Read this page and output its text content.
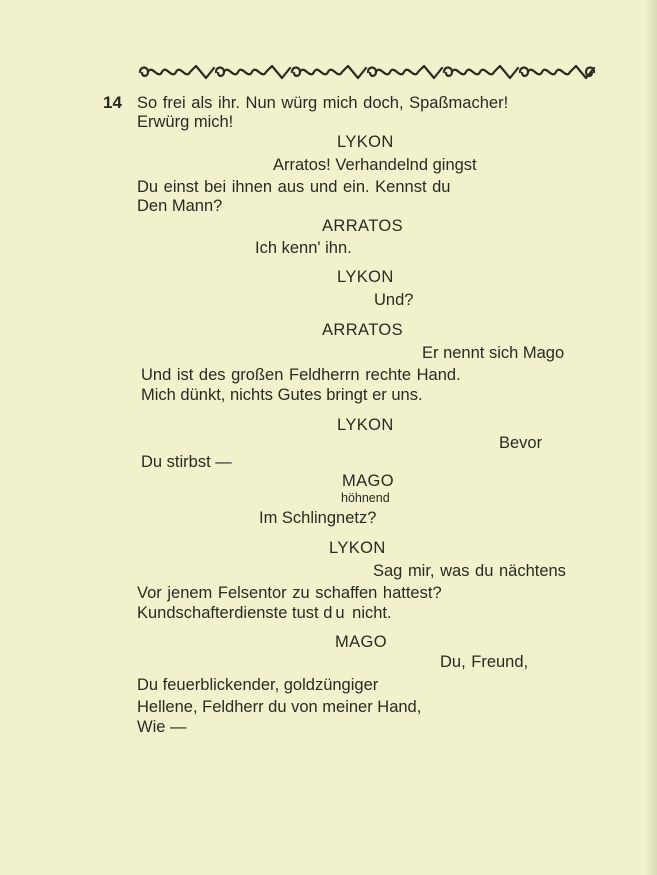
14 So frei als ihr. Nun würg mich doch, Spaßmacher!
Erwürg mich!
LYKON
Arratos! Verhandelnd gingst
Du einst bei ihnen aus und ein. Kennst du
Den Mann?
ARRATOS
Ich kenn' ihn.
LYKON
Und?
ARRATOS
Er nennt sich Mago
Und ist des großen Feldherrn rechte Hand.
Mich dünkt, nichts Gutes bringt er uns.
LYKON
Bevor
Du stirbst —
MAGO
höhnend
Im Schlingnetz?
LYKON
Sag mir, was du nächtens
Vor jenem Felsentor zu schaffen hattest?
Kundschafterdienste tust du nicht.
MAGO
Du, Freund,
Du feuerblickender, goldzüngiger
Hellene, Feldherr du von meiner Hand,
Wie —
